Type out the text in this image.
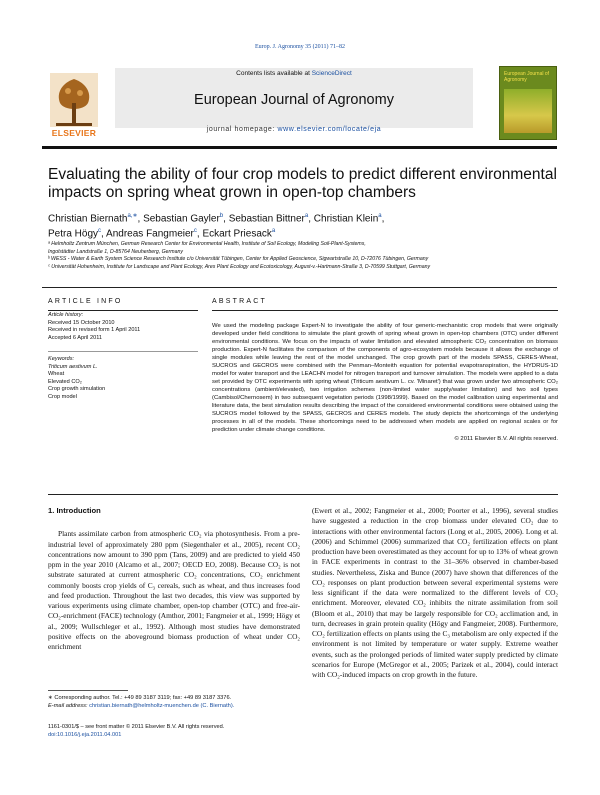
Europ. J. Agronomy 35 (2011) 71–82
ELSEVIER
Contents lists available at ScienceDirect
European Journal of Agronomy
journal homepage: www.elsevier.com/locate/eja
European Journal of Agronomy
Evaluating the ability of four crop models to predict different environmental impacts on spring wheat grown in open-top chambers
Christian Biernath$^{a,∗}$, Sebastian Gayler$^b$, Sebastian Bittner$^a$, Christian Klein$^a$,
Petra Högy$^c$, Andreas Fangmeier$^c$, Eckart Priesack$^a$
ᵃ Helmholtz Zentrum München, German Research Center for Environmental Health, Institute of Soil Ecology, Modeling Soil-Plant-Systems,
Ingolstädter Landstraße 1, D-85764 Neuherberg, Germany
ᵇ WESS - Water & Earth System Science Research Institute c/o Universität Tübingen, Center for Applied Geoscience, Sigwartstraße 10, D-72076 Tübingen, Germany
ᶜ Universität Hohenheim, Institute for Landscape and Plant Ecology, Ares Plant Ecology and Ecotoxicology, August-v.-Hartmann-Straße 3, D-70599 Stuttgart, Germany
ARTICLE INFO	ABSTRACT
Article history:
Received 15 October 2010
Received in revised form 1 April 2011
Accepted 6 April 2011
Keywords:
Triticum aestivum L.
Wheat
Elevated CO₂
Crop growth simulation
Crop model
We used the modeling package Expert-N to investigate the ability of four generic-mechanistic crop models that were originally developed under field conditions to simulate the plant growth of spring wheat grown in open-top chambers (OTC) under different environmental conditions. We focus on the impacts of water limitation and elevated atmospheric CO₂ concentration on biomass production. Expert-N facilitates the comparison of the components of agro-ecosystem models because it allows the exchange of single modules while leaving the rest of the model unchanged. The crop growth part of the models SPASS, CERES-Wheat, SUCROS and GECROS were combined with the Penman–Monteith equation for potential evapotranspiration, the HYDRUS-1D model for water transport and the LEACHN model for nitrogen transport and turnover simulation. The models were applied to a data set provided by OTC experiments with spring wheat (Triticum aestivum L. cv. 'Minaret') that was grown under two atmospheric CO₂ concentrations (ambient/elevated), two irrigation schemes (non-limited water supply/water limitation) and two soil types (Cambisol/Chernosem) in two subsequent vegetation periods (1998/1999). Based on the model calibration using experimental and literature data, the best simulation results describing the impact of the considered environmental conditions were obtained using the SUCROS model followed by the SPASS, GECROS and CERES models. The study depicts the shortcomings of the underlying processes in all of the models. These shortcomings need to be addressed when models are applied on regional scales or for prediction under climate change conditions.
© 2011 Elsevier B.V. All rights reserved.
1. Introduction

Plants assimilate carbon from atmospheric CO₂ via photosynthesis. From a pre-industrial level of approximately 280 ppm (Siegenthaler et al., 2005), recent CO₂ concentrations now amount to 390 ppm (Tans, 2009) and are predicted to yield 450 ppm in the year 2010 (Alcamo et al., 2007; OECD EO, 2008). Because CO₂ is not substrate saturated at current atmospheric CO₂ concentrations, CO₂ enrichment commonly boosts crop yields of C₃ cereals, such as wheat, and thus increases food and feed production. Throughout the last two decades, this view was supported by various experiments using climate chamber, open-top chamber (OTC) and free-air-CO₂-enrichment (FACE) technology (Amthor, 2001; Fangmeier et al., 1999; Högy et al., 2009; Wullschleger et al., 1992). Although most studies have demonstrated positive effects on the aboveground biomass production of wheat under CO₂ enrichment

(Ewert et al., 2002; Fangmeier et al., 2000; Poorter et al., 1996), several studies have suggested a reduction in the crop biomass under elevated CO₂ due to interactions with other environmental factors (Long et al., 2005, 2006). Long et al. (2006) and Schimmel (2006) summarized that CO₂ fertilization effects on plant production have been overestimated as they account for up to 13% of wheat grown in FACE experiments in contrast to the 31–36% observed in chamber-based studies. Nevertheless, Ziska and Bunce (2007) have shown that differences of the CO₂ responses on plant production between several experimental systems were less significant if the data were normalized to the different levels of CO₂ enrichment. Moreover, elevated CO₂ inhibits the nitrate assimilation from soil (Bloom et al., 2010) that may be largely responsible for CO₂ acclimation and, in turn, decreases in grain protein quality (Högy and Fangmeier, 2008). Furthermore, CO₂ fertilization effects on plants using the C₃ metabolism are only expected if the environment is not limited by temperature or water supply. Extreme weather events, such as the prolonged periods of limited water supply predicted by climate scenarios for Europe (McGregor et al., 2005; Parizek et al., 2004), could interact with CO₂-induced impacts on crop growth in the future.

∗ Corresponding author. Tel.: +49 89 3187 3119; fax: +49 89 3187 3376.
E-mail address: christian.biernath@helmholtz-muenchen.de (C. Biernath).
1161-0301/$ – see front matter © 2011 Elsevier B.V. All rights reserved.
doi:10.1016/j.eja.2011.04.001
